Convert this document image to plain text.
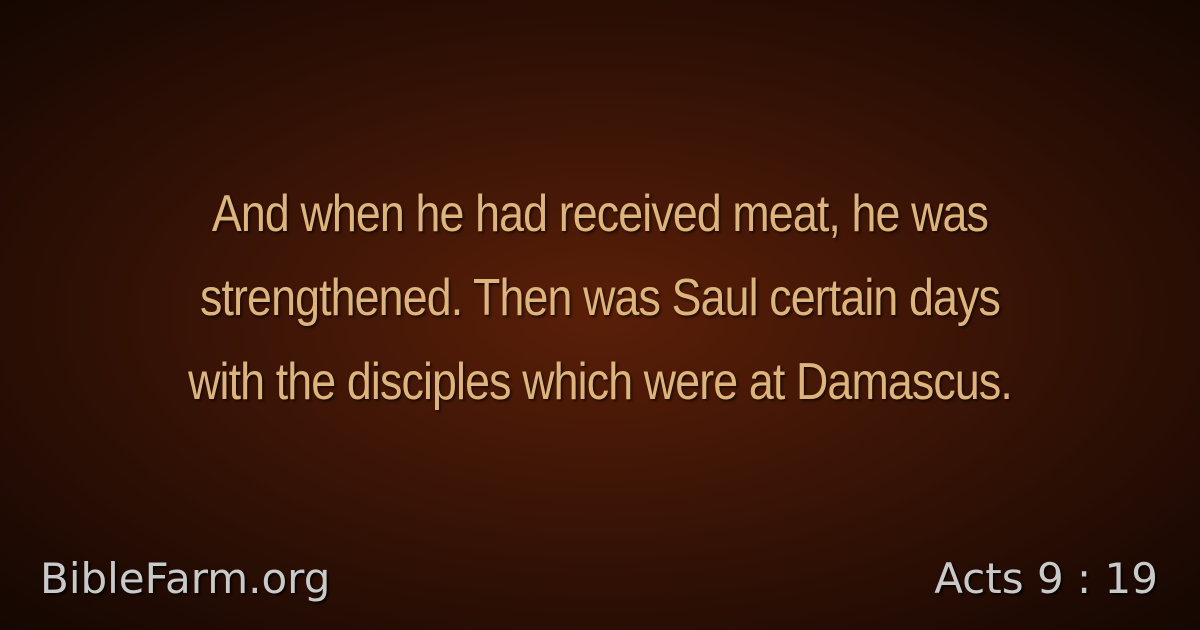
And when he had received meat, he was
strengthened. Then was Saul certain days
with the disciples which were at Damascus.
BibleFarm.org	Acts 9 : 19
